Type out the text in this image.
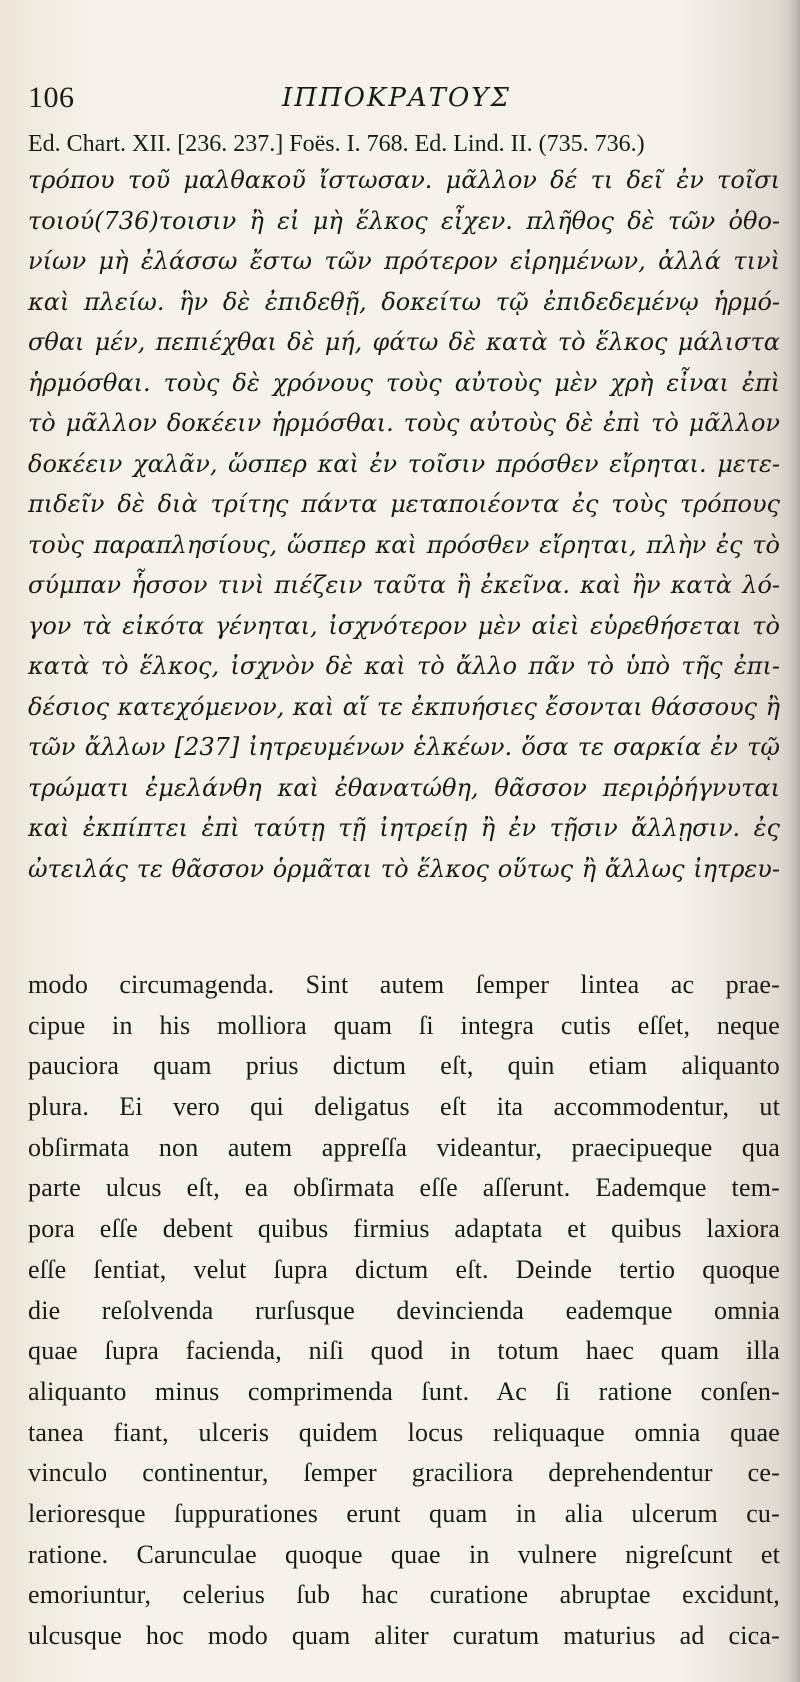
106	ΙΠΠΟΚΡΑΤΟΥΣ
Ed. Chart. XII. [236. 237.] Foës. I. 768. Ed. Lind. II. (735. 736.)
τρόπου τοῦ μαλθακοῦ ἴστωσαν. μᾶλλον δέ τι δεῖ ἐν τοῖσι
τοιού(736)τοισιν ἢ εἰ μὴ ἕλκος εἶχεν. πλῆθος δὲ τῶν ὀθο-
νίων μὴ ἐλάσσω ἔστω τῶν πρότερον εἰρημένων, ἀλλά τινὶ
καὶ πλείω. ἣν δὲ ἐπιδεθῇ, δοκείτω τῷ ἐπιδεδεμένῳ ἡρμό-
σθαι μέν, πεπιέχθαι δὲ μή, φάτω δὲ κατὰ τὸ ἕλκος μάλιστα
ἡρμόσθαι. τοὺς δὲ χρόνους τοὺς αὐτοὺς μὲν χρὴ εἶναι ἐπὶ
τὸ μᾶλλον δοκέειν ἡρμόσθαι. τοὺς αὐτοὺς δὲ ἐπὶ τὸ μᾶλλον
δοκέειν χαλᾶν, ὥσπερ καὶ ἐν τοῖσιν πρόσθεν εἴρηται. μετε-
πιδεῖν δὲ διὰ τρίτης πάντα μεταποιέοντα ἐς τοὺς τρόπους
τοὺς παραπλησίους, ὥσπερ καὶ πρόσθεν εἴρηται, πλὴν ἐς τὸ
σύμπαν ἧσσον τινὶ πιέζειν ταῦτα ἢ ἐκεῖνα. καὶ ἢν κατὰ λό-
γον τὰ εἰκότα γένηται, ἰσχνότερον μὲν αἰεὶ εὑρεθήσεται τὸ
κατὰ τὸ ἕλκος, ἰσχνὸν δὲ καὶ τὸ ἄλλο πᾶν τὸ ὑπὸ τῆς ἐπι-
δέσιος κατεχόμενον, καὶ αἵ τε ἐκπυήσιες ἔσονται θάσσους ἢ
τῶν ἄλλων [237] ἰητρευμένων ἑλκέων. ὅσα τε σαρκία ἐν τῷ
τρώματι ἐμελάνθη καὶ ἐθανατώθη, θᾶσσον περιῤῥήγνυται
καὶ ἐκπίπτει ἐπὶ ταύτῃ τῇ ἰητρείῃ ἢ ἐν τῇσιν ἄλλῃσιν. ἐς
ὠτειλάς τε θᾶσσον ὁρμᾶται τὸ ἕλκος οὕτως ἢ ἄλλως ἰητρευ-
modo circumagenda. Sint autem ſemper lintea ac prae-
cipue in his molliora quam ſi integra cutis eſſet, neque
pauciora quam prius dictum eſt, quin etiam aliquanto
plura. Ei vero qui deligatus eſt ita accommodentur, ut
obſirmata non autem appreſſa videantur, praecipueque qua
parte ulcus eſt, ea obſirmata eſſe aſſerunt. Eademque tem-
pora eſſe debent quibus firmius adaptata et quibus laxiora
eſſe ſentiat, velut ſupra dictum eſt. Deinde tertio quoque
die reſolvenda rurſusque devincienda eademque omnia
quae ſupra facienda, niſi quod in totum haec quam illa
aliquanto minus comprimenda ſunt. Ac ſi ratione conſen-
tanea fiant, ulceris quidem locus reliquaque omnia quae
vinculo continentur, ſemper graciliora deprehendentur ce-
lerioresque ſuppurationes erunt quam in alia ulcerum cu-
ratione. Carunculae quoque quae in vulnere nigreſcunt et
emoriuntur, celerius ſub hac curatione abruptae excidunt,
ulcusque hoc modo quam aliter curatum maturius ad cica-
